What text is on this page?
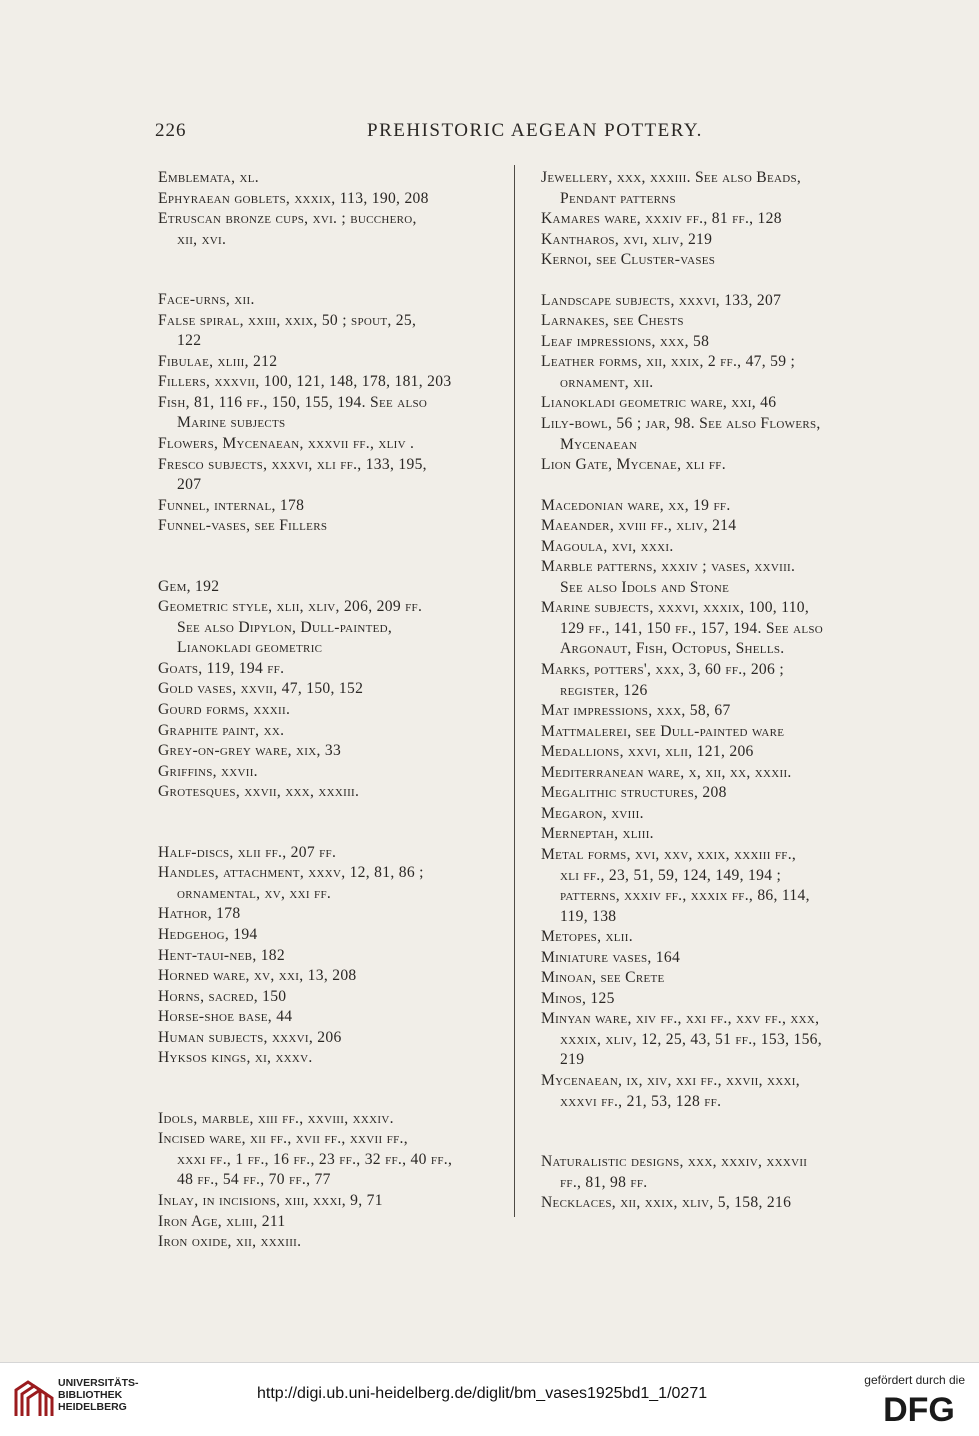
226	PREHISTORIC AEGEAN POTTERY.
Emblemata, xl.
Ephyraean goblets, xxxix, 113, 190, 208
Etruscan bronze cups, xvi. ; bucchero,
xii, xvi.
Face-urns, xii.
False spiral, xxiii, xxix, 50 ; spout, 25,
122
Fibulae, xliii, 212
Fillers, xxxvii, 100, 121, 148, 178, 181, 203
Fish, 81, 116 ff., 150, 155, 194. See also
Marine subjects
Flowers, Mycenaean, xxxvii ff., xliv .
Fresco subjects, xxxvi, xli ff., 133, 195,
207
Funnel, internal, 178
Funnel-vases, see Fillers
Gem, 192
Geometric style, xlii, xliv, 206, 209 ff.
See also Dipylon, Dull-painted,
Lianokladi geometric
Goats, 119, 194 ff.
Gold vases, xxvii, 47, 150, 152
Gourd forms, xxxii.
Graphite paint, xx.
Grey-on-grey ware, xix, 33
Griffins, xxvii.
Grotesques, xxvii, xxx, xxxiii.
Half-discs, xlii ff., 207 ff.
Handles, attachment, xxxv, 12, 81, 86 ;
ornamental, xv, xxi ff.
Hathor, 178
Hedgehog, 194
Hent-taui-neb, 182
Horned ware, xv, xxi, 13, 208
Horns, sacred, 150
Horse-shoe base, 44
Human subjects, xxxvi, 206
Hyksos kings, xi, xxxv.
Idols, marble, xiii ff., xxviii, xxxiv.
Incised ware, xii ff., xvii ff., xxvii ff.,
xxxi ff., 1 ff., 16 ff., 23 ff., 32 ff., 40 ff.,
48 ff., 54 ff., 70 ff., 77
Inlay, in incisions, xiii, xxxi, 9, 71
Iron Age, xliii, 211
Iron oxide, xii, xxxiii.
Jewellery, xxx, xxxiii. See also Beads,
Pendant patterns
Kamares ware, xxxiv ff., 81 ff., 128
Kantharos, xvi, xliv, 219
Kernoi, see Cluster-vases
Landscape subjects, xxxvi, 133, 207
Larnakes, see Chests
Leaf impressions, xxx, 58
Leather forms, xii, xxix, 2 ff., 47, 59 ;
ornament, xii.
Lianokladi geometric ware, xxi, 46
Lily-bowl, 56 ; jar, 98. See also Flowers,
Mycenaean
Lion Gate, Mycenae, xli ff.
Macedonian ware, xx, 19 ff.
Maeander, xviii ff., xliv, 214
Magoula, xvi, xxxi.
Marble patterns, xxxiv ; vases, xxviii.
See also Idols and Stone
Marine subjects, xxxvi, xxxix, 100, 110,
129 ff., 141, 150 ff., 157, 194. See also
Argonaut, Fish, Octopus, Shells.
Marks, potters', xxx, 3, 60 ff., 206 ;
register, 126
Mat impressions, xxx, 58, 67
Mattmalerei, see Dull-painted ware
Medallions, xxvi, xlii, 121, 206
Mediterranean ware, x, xii, xx, xxxii.
Megalithic structures, 208
Megaron, xviii.
Merneptah, xliii.
Metal forms, xvi, xxv, xxix, xxxiii ff.,
xli ff., 23, 51, 59, 124, 149, 194 ;
patterns, xxxiv ff., xxxix ff., 86, 114,
119, 138
Metopes, xlii.
Miniature vases, 164
Minoan, see Crete
Minos, 125
Minyan ware, xiv ff., xxi ff., xxv ff., xxx,
xxxix, xliv, 12, 25, 43, 51 ff., 153, 156,
219
Mycenaean, ix, xiv, xxi ff., xxvii, xxxi,
xxxvi ff., 21, 53, 128 ff.
Naturalistic designs, xxx, xxxiv, xxxvii
ff., 81, 98 ff.
Necklaces, xii, xxix, xliv, 5, 158, 216
UNIVERSITÄTS-
BIBLIOTHEK
HEIDELBERG
http://digi.ub.uni-heidelberg.de/diglit/bm_vases1925bd1_1/0271
gefördert durch die
DFG
